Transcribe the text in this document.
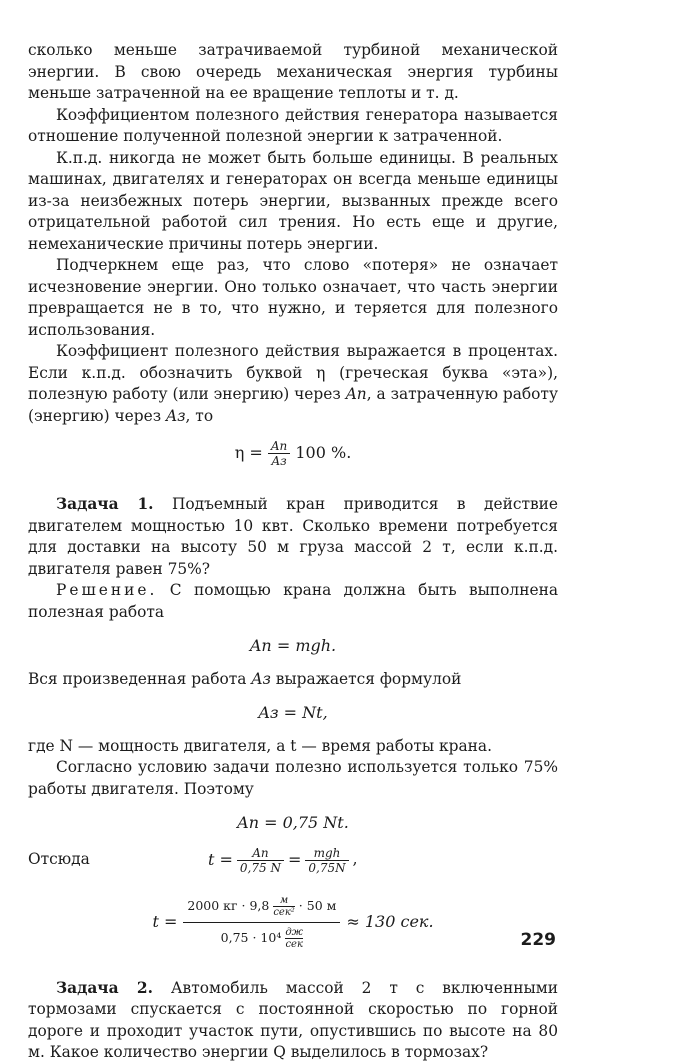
сколько меньше затрачиваемой турбиной механической энергии. В свою очередь механическая энергия турбины меньше затраченной на ее вращение теплоты и т. д.

Коэффициентом полезного действия генератора называется отношение полученной полезной энергии к затраченной.

К.п.д. никогда не может быть больше единицы. В реальных машинах, двигателях и генераторах он всегда меньше единицы из-за неизбежных потерь энергии, вызванных прежде всего отрицательной работой сил трения. Но есть еще и другие, немеханические причины потерь энергии.

Подчеркнем еще раз, что слово «потеря» не означает исчезновение энергии. Оно только означает, что часть энергии превращается не в то, что нужно, и теряется для полезного использования.

Коэффициент полезного действия выражается в процентах. Если к.п.д. обозначить буквой η (греческая буква «эта»), полезную работу (или энергию) через Aп, а затраченную работу (энергию) через Aз, то

$\eta = \frac{Aп}{Aз} 100$ %.

Задача 1. Подъемный кран приводится в действие двигателем мощностью 10 квт. Сколько времени потребуется для доставки на высоту 50 м груза массой 2 т, если к.п.д. двигателя равен 75%?

Решение. С помощью крана должна быть выполнена полезная работа

Aп = mgh.

Вся произведенная работа Aз выражается формулой

Aз = Nt,

где N — мощность двигателя, а t — время работы крана.

Согласно условию задачи полезно используется только 75% работы двигателя. Поэтому

Aп = 0,75 Nt.
Отсюда	$t = \frac{Aп}{0,75 N} = \frac{\text{mgh}}{0,75N}$ ,
t = 2000 кг · 9,8	м
сек² · 50 м
0,75 · 10⁴ дж
сек ≈ 130 сек.

Задача 2. Автомобиль массой 2 т с включенными тормозами спускается с постоянной скоростью по горной дороге и проходит участок пути, опустившись по высоте на 80 м. Какое количество энергии Q выделилось в тормозах?

229
